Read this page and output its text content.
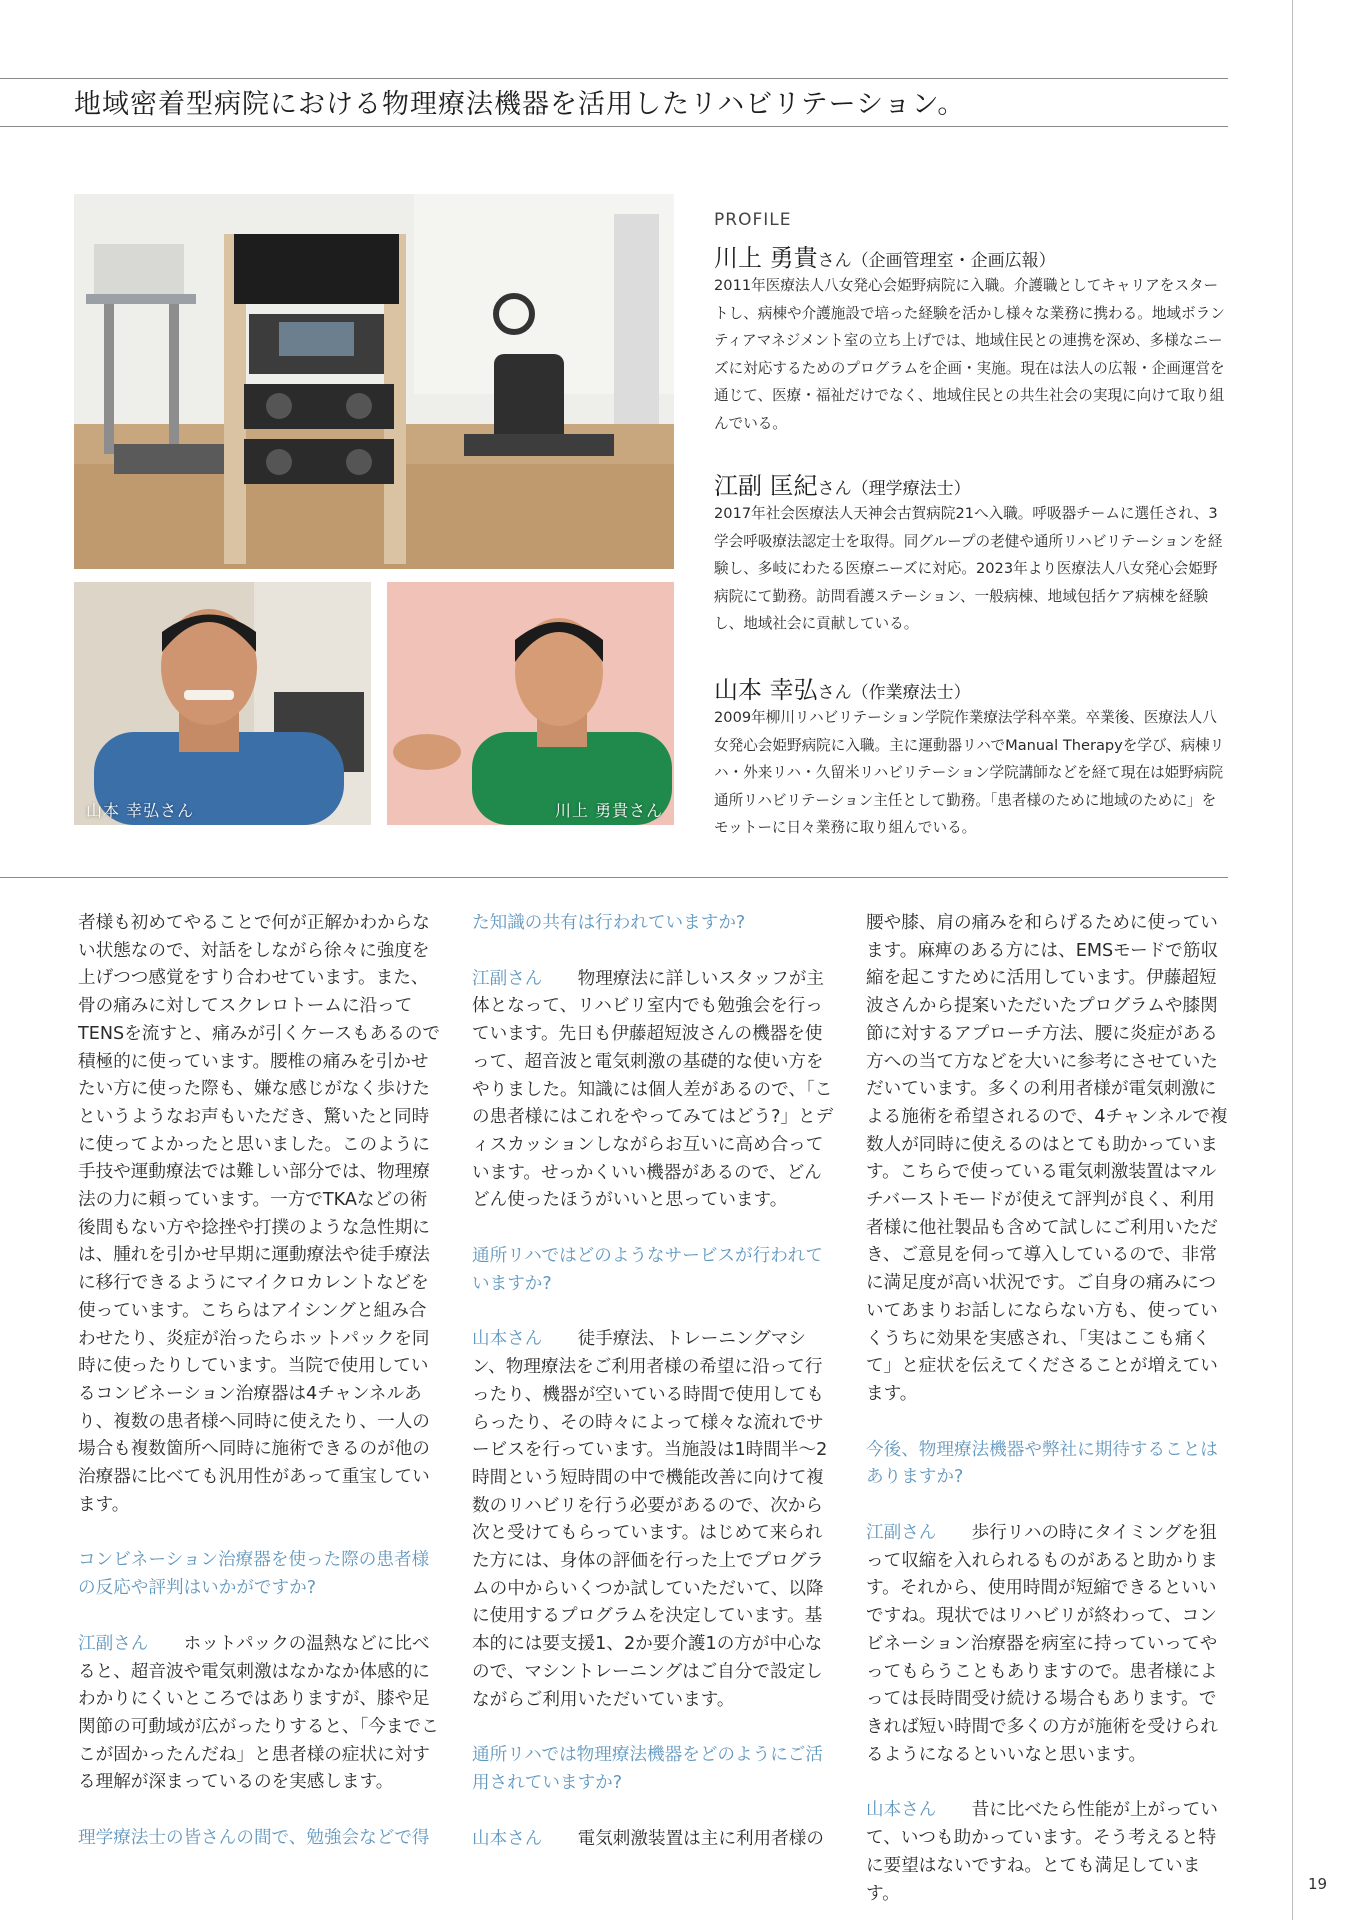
地域密着型病院における物理療法機器を活用したリハビリテーション。
山本 幸弘さん	川上 勇貴さん
PROFILE
川上 勇貴さん（企画管理室・企画広報）
2011年医療法人八女発心会姫野病院に入職。介護職としてキャリアをスタートし、病棟や介護施設で培った経験を活かし様々な業務に携わる。地域ボランティアマネジメント室の立ち上げでは、地域住民との連携を深め、多様なニーズに対応するためのプログラムを企画・実施。現在は法人の広報・企画運営を通じて、医療・福祉だけでなく、地域住民との共生社会の実現に向けて取り組んでいる。
江副 匡紀さん（理学療法士）
2017年社会医療法人天神会古賀病院21へ入職。呼吸器チームに選任され、3学会呼吸療法認定士を取得。同グループの老健や通所リハビリテーションを経験し、多岐にわたる医療ニーズに対応。2023年より医療法人八女発心会姫野病院にて勤務。訪問看護ステーション、一般病棟、地域包括ケア病棟を経験し、地域社会に貢献している。
山本 幸弘さん（作業療法士）
2009年柳川リハビリテーション学院作業療法学科卒業。卒業後、医療法人八女発心会姫野病院に入職。主に運動器リハでManual Therapyを学び、病棟リハ・外来リハ・久留米リハビリテーション学院講師などを経て現在は姫野病院通所リハビリテーション主任として勤務。「患者様のために地域のために」をモットーに日々業務に取り組んでいる。

者様も初めてやることで何が正解かわからない状態なので、対話をしながら徐々に強度を上げつつ感覚をすり合わせています。また、骨の痛みに対してスクレロトームに沿ってTENSを流すと、痛みが引くケースもあるので積極的に使っています。腰椎の痛みを引かせたい方に使った際も、嫌な感じがなく歩けたというようなお声もいただき、驚いたと同時に使ってよかったと思いました。このように手技や運動療法では難しい部分では、物理療法の力に頼っています。一方でTKAなどの術後間もない方や捻挫や打撲のような急性期には、腫れを引かせ早期に運動療法や徒手療法に移行できるようにマイクロカレントなどを使っています。こちらはアイシングと組み合わせたり、炎症が治ったらホットパックを同時に使ったりしています。当院で使用しているコンビネーション治療器は4チャンネルあり、複数の患者様へ同時に使えたり、一人の場合も複数箇所へ同時に施術できるのが他の治療器に比べても汎用性があって重宝しています。

コンビネーション治療器を使った際の患者様の反応や評判はいかがですか?

江副さん　　 ホットパックの温熱などに比べると、超音波や電気刺激はなかなか体感的にわかりにくいところではありますが、膝や足関節の可動域が広がったりすると、「今までここが固かったんだね」と患者様の症状に対する理解が深まっているのを実感します。

理学療法士の皆さんの間で、勉強会などで得

た知識の共有は行われていますか?

江副さん　　 物理療法に詳しいスタッフが主体となって、リハビリ室内でも勉強会を行っています。先日も伊藤超短波さんの機器を使って、超音波と電気刺激の基礎的な使い方をやりました。知識には個人差があるので、「この患者様にはこれをやってみてはどう?」とディスカッションしながらお互いに高め合っています。せっかくいい機器があるので、どんどん使ったほうがいいと思っています。

通所リハではどのようなサービスが行われていますか?

山本さん　　 徒手療法、トレーニングマシン、物理療法をご利用者様の希望に沿って行ったり、機器が空いている時間で使用してもらったり、その時々によって様々な流れでサービスを行っています。当施設は1時間半～2時間という短時間の中で機能改善に向けて複数のリハビリを行う必要があるので、次から次と受けてもらっています。はじめて来られた方には、身体の評価を行った上でプログラムの中からいくつか試していただいて、以降に使用するプログラムを決定しています。基本的には要支援1、2か要介護1の方が中心なので、マシントレーニングはご自分で設定しながらご利用いただいています。

通所リハでは物理療法機器をどのようにご活用されていますか?

山本さん　　 電気刺激装置は主に利用者様の

腰や膝、肩の痛みを和らげるために使っています。麻痺のある方には、EMSモードで筋収縮を起こすために活用しています。伊藤超短波さんから提案いただいたプログラムや膝関節に対するアプローチ方法、腰に炎症がある方への当て方などを大いに参考にさせていただいています。多くの利用者様が電気刺激による施術を希望されるので、4チャンネルで複数人が同時に使えるのはとても助かっています。こちらで使っている電気刺激装置はマルチバーストモードが使えて評判が良く、利用者様に他社製品も含めて試しにご利用いただき、ご意見を伺って導入しているので、非常に満足度が高い状況です。ご自身の痛みについてあまりお話しにならない方も、使っていくうちに効果を実感され、「実はここも痛くて」と症状を伝えてくださることが増えています。

今後、物理療法機器や弊社に期待することはありますか?

江副さん　　 歩行リハの時にタイミングを狙って収縮を入れられるものがあると助かります。それから、使用時間が短縮できるといいですね。現状ではリハビリが終わって、コンビネーション治療器を病室に持っていってやってもらうこともありますので。患者様によっては長時間受け続ける場合もあります。できれば短い時間で多くの方が施術を受けられるようになるといいなと思います。

山本さん　　 昔に比べたら性能が上がっていて、いつも助かっています。そう考えると特に要望はないですね。とても満足しています。	19
